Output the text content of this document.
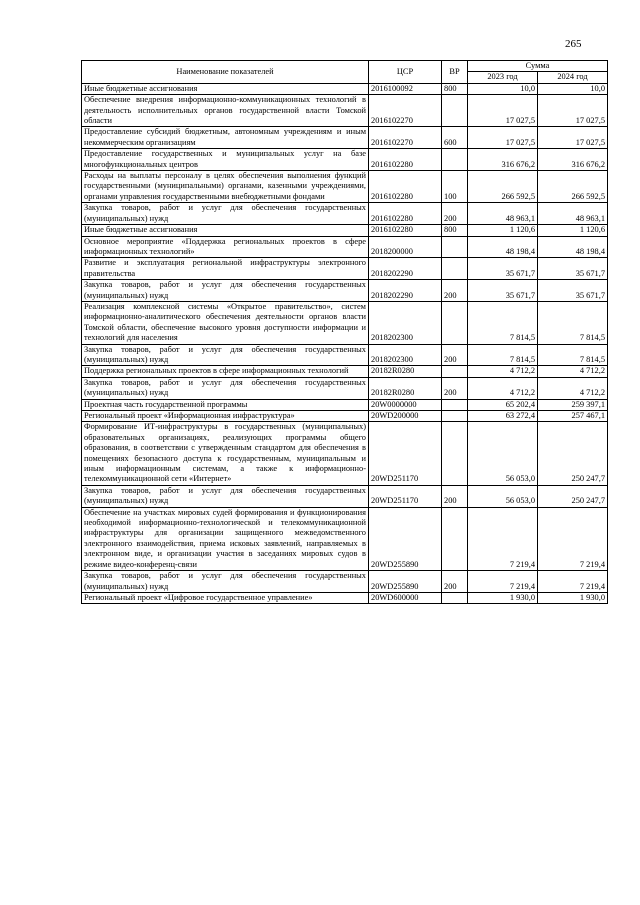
265
Наименование показателей	ЦСР	ВР	Сумма	
			2023 год	2024 год
Иные бюджетные ассигнования	2016100092	800	10,0	10,0
Обеспечение внедрения информационно-коммуникационных технологий в деятельность исполнительных органов государственной власти Томской области	2016102270		17 027,5	17 027,5
Предоставление субсидий бюджетным, автономным учреждениям и иным некоммерческим организациям	2016102270	600	17 027,5	17 027,5
Предоставление государственных и муниципальных услуг на базе многофункциональных центров	2016102280		316 676,2	316 676,2
Расходы на выплаты персоналу в целях обеспечения выполнения функций государственными (муниципальными) органами, казенными учреждениями, органами управления государственными внебюджетными фондами	2016102280	100	266 592,5	266 592,5
Закупка товаров, работ и услуг для обеспечения государственных (муниципальных) нужд	2016102280	200	48 963,1	48 963,1
Иные бюджетные ассигнования	2016102280	800	1 120,6	1 120,6
Основное мероприятие «Поддержка региональных проектов в сфере информационных технологий»	2018200000		48 198,4	48 198,4
Развитие и эксплуатация региональной инфраструктуры электронного правительства	2018202290		35 671,7	35 671,7
Закупка товаров, работ и услуг для обеспечения государственных (муниципальных) нужд	2018202290	200	35 671,7	35 671,7
Реализация комплексной системы «Открытое правительство», систем информационно-аналитического обеспечения деятельности органов власти Томской области, обеспечение высокого уровня доступности информации и технологий для населения	2018202300		7 814,5	7 814,5
Закупка товаров, работ и услуг для обеспечения государственных (муниципальных) нужд	2018202300	200	7 814,5	7 814,5
Поддержка региональных проектов в сфере информационных технологий	20182R0280		4 712,2	4 712,2
Закупка товаров, работ и услуг для обеспечения государственных (муниципальных) нужд	20182R0280	200	4 712,2	4 712,2
Проектная часть государственной программы	20W0000000		65 202,4	259 397,1
Региональный проект «Информационная инфраструктура»	20WD200000		63 272,4	257 467,1
Формирование ИТ-инфраструктуры в государственных (муниципальных) образовательных организациях, реализующих программы общего образования, в соответствии с утвержденным стандартом для обеспечения в помещениях безопасного доступа к государственным, муниципальным и иным информационным системам, а также к информационно-телекоммуникационной сети «Интернет»	20WD251170		56 053,0	250 247,7
Закупка товаров, работ и услуг для обеспечения государственных (муниципальных) нужд	20WD251170	200	56 053,0	250 247,7
Обеспечение на участках мировых судей формирования и функционирования необходимой информационно-технологической и телекоммуникационной инфраструктуры для организации защищенного межведомственного электронного взаимодействия, приема исковых заявлений, направляемых в электронном виде, и организации участия в заседаниях мировых судов в режиме видео-конференц-связи	20WD255890		7 219,4	7 219,4
Закупка товаров, работ и услуг для обеспечения государственных (муниципальных) нужд	20WD255890	200	7 219,4	7 219,4
Региональный проект «Цифровое государственное управление»	20WD600000		1 930,0	1 930,0
